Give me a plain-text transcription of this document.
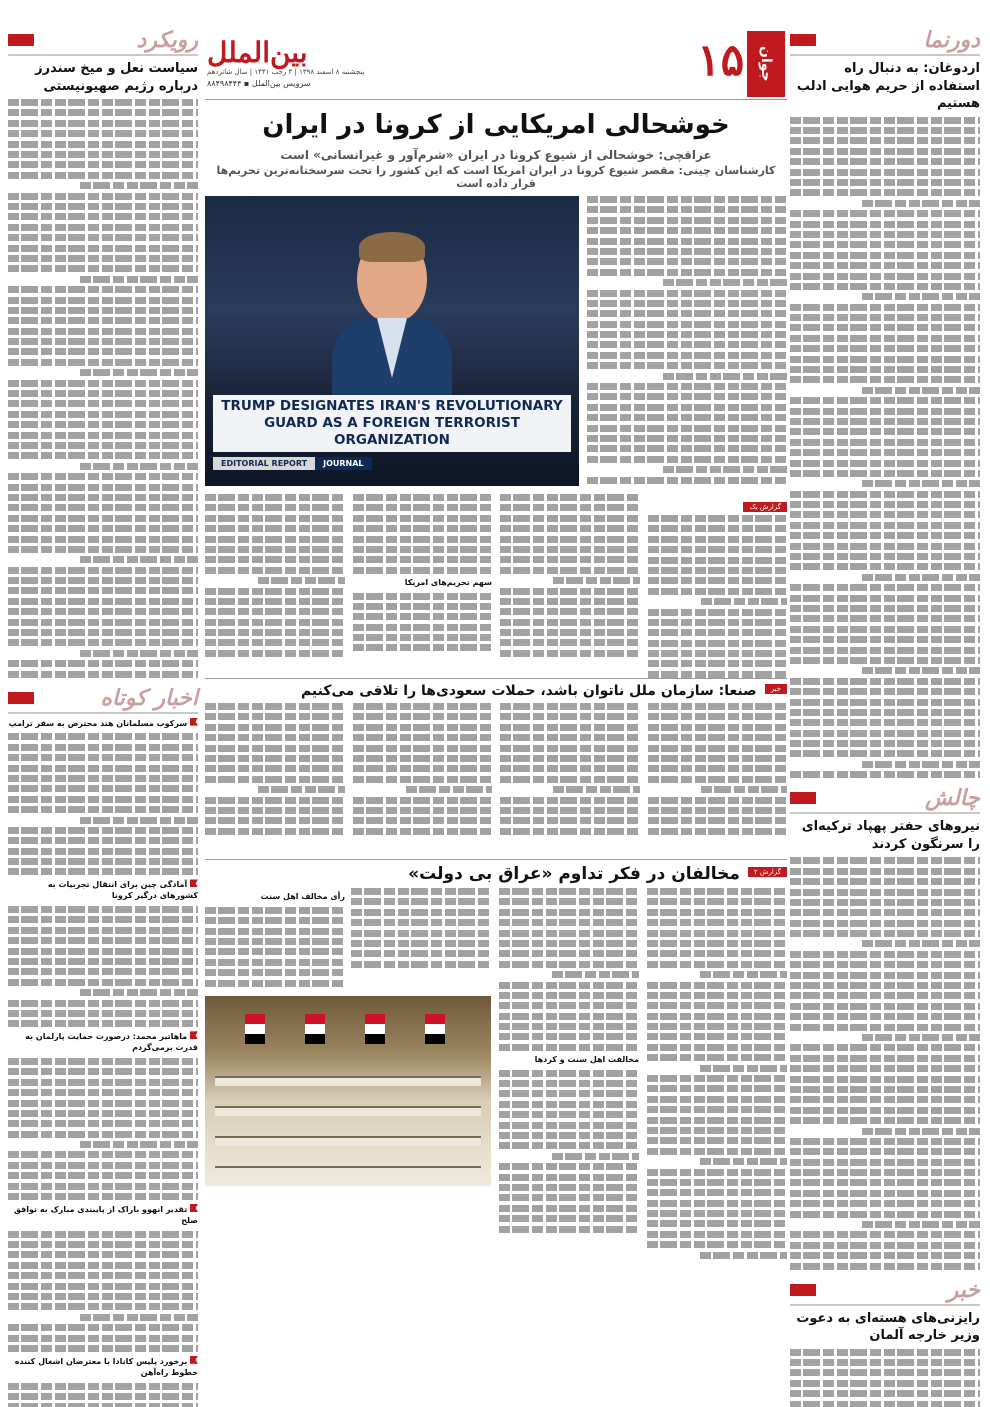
دورنما
اردوغان: به دنبال راه استفاده از حریم هوایی ادلب هستیم
چالش
نیروهای حفتر پهپاد ترکیه‌ای را سرنگون کردند
خبر
رایزنی‌های هسته‌ای به دعوت وزیر خارجه آلمان
رویکرد
سیاست نعل و میخ سندرز درباره رژیم صهیونیستی
اخبار کوتاه
سرکوب مسلمانان هند محترض به سفر ترامپ
آمادگی چین برای انتقال تجربیات به کشورهای درگیر کرونا
ماهاتیر محمد: درصورت حمایت پارلمان به قدرت برمی‌گردم
تقدیر انهوو باراک از پایبندی مبارک به توافق صلح
برخورد پلیس کانادا با معترضان اشغال کننده خطوط راه‌آهن
جوان
۱۵
بین‌الملل
پنجشنبه ۸ اسفند ۱۳۹۸ | ۳ رجب ۱۴۴۱ | سال شانزدهم
سرویس بین‌الملل ▪ ۸۸۴۹۸۴۴۴
خوشحالی امریکایی از کرونا در ایران
عراقچی: خوشحالی از شیوع کرونا در ایران «شرم‌آور و غیرانسانی» است
کارشناسان چینی: مقصر شیوع کرونا در ایران امریکا است که این کشور را تحت سرسختانه‌ترین تحریم‌ها قرار داده است
TRUMP DESIGNATES IRAN'S REVOLUTIONARY GUARD AS A FOREIGN TERRORIST ORGANIZATION
JOURNAL
EDITORIAL REPORT
گزارش یک
سهم تحریم‌های امریکا
خبر
صنعا: سازمان ملل ناتوان باشد، حملات سعودی‌ها را تلافی می‌کنیم
گزارش ۲
مخالفان در فکر تداوم «عراق بی دولت»
مخالفت اهل سنت و کردها
رأی مخالف اهل سنت
